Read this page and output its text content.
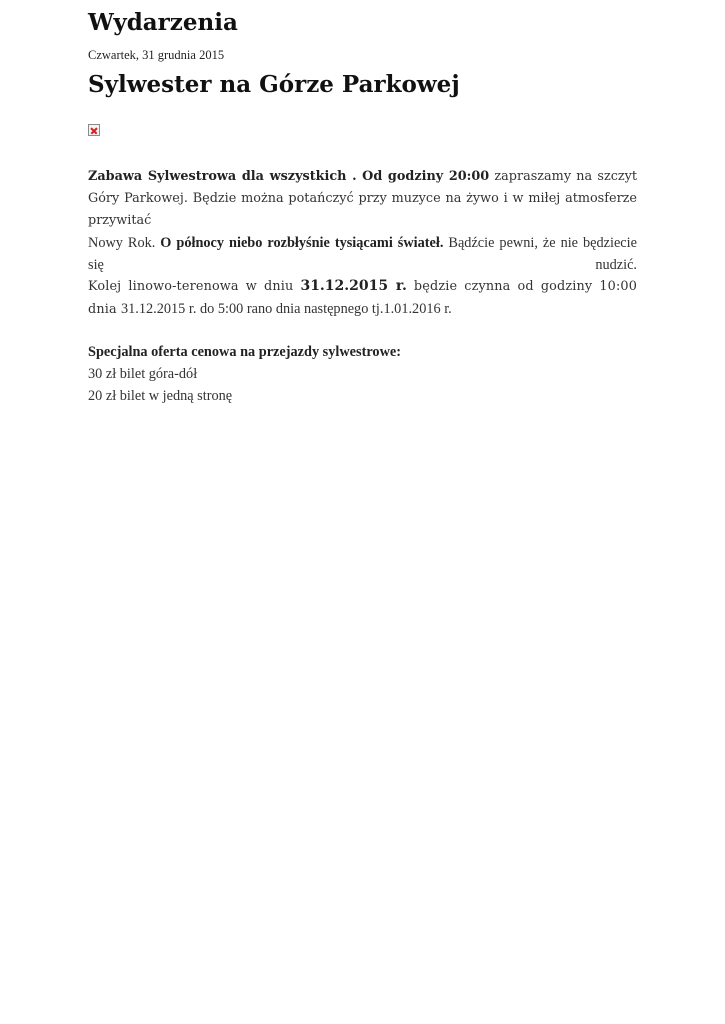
Wydarzenia
Czwartek, 31 grudnia 2015
Sylwester na Górze Parkowej
Zabawa Sylwestrowa dla wszystkich . Od godziny 20:00 zapraszamy na szczyt Góry Parkowej. Będzie można potańczyć przy muzyce na żywo i w miłej atmosferze przywitać
Nowy Rok. O północy niebo rozbłyśnie tysiącami świateł. Bądźcie pewni, że nie będziecie się nudzić.
Kolej linowo-terenowa w dniu 31.12.2015 r. będzie czynna od godziny 10:00 dnia 31.12.2015 r. do 5:00 rano dnia następnego tj.1.01.2016 r.
Specjalna oferta cenowa na przejazdy sylwestrowe:
30 zł bilet góra-dół
20 zł bilet w jedną stronę
